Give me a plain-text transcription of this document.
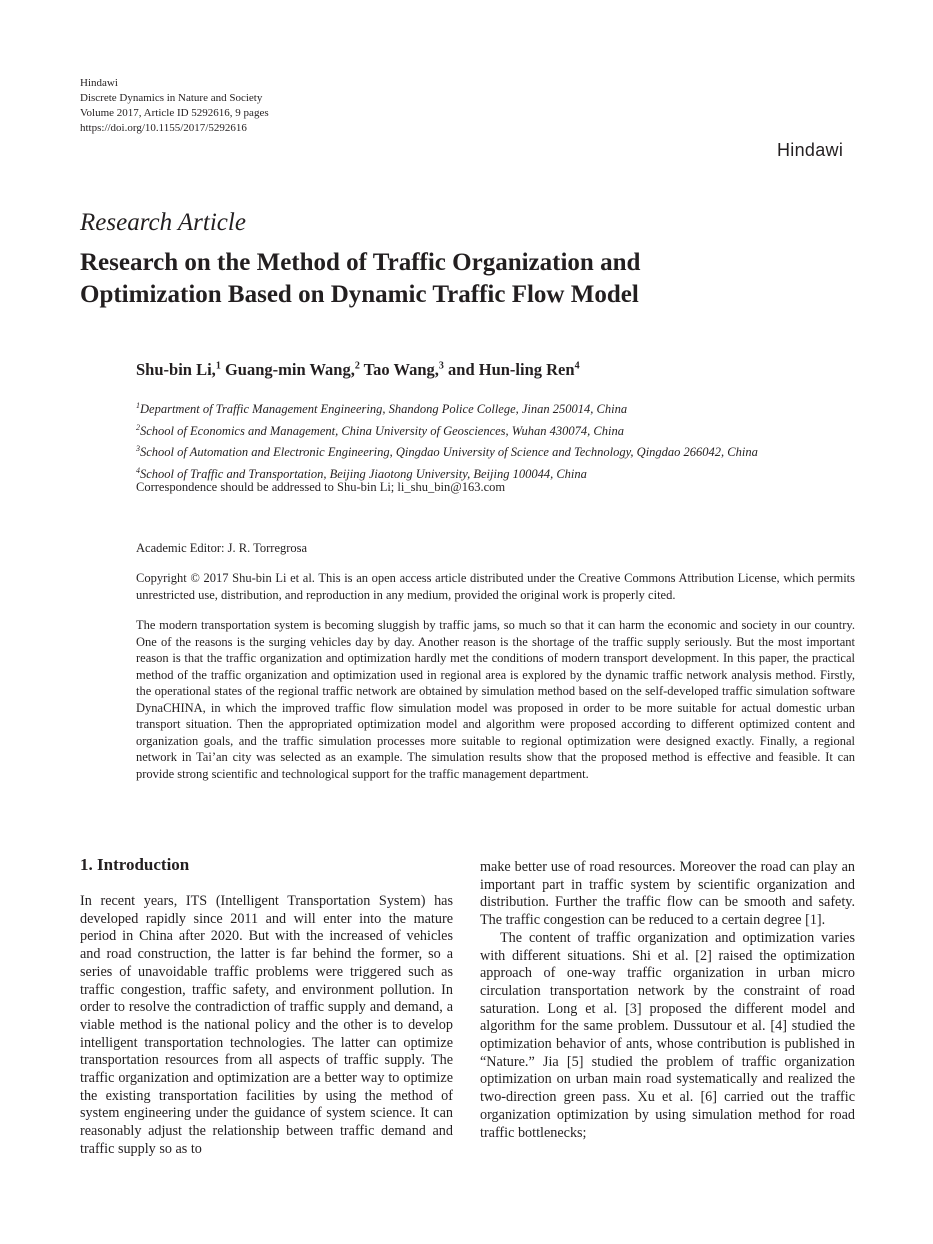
Hindawi
Discrete Dynamics in Nature and Society
Volume 2017, Article ID 5292616, 9 pages
https://doi.org/10.1155/2017/5292616
Hindawi
Research Article
Research on the Method of Traffic Organization and
Optimization Based on Dynamic Traffic Flow Model
Shu-bin Li,$^1$ Guang-min Wang,$^2$ Tao Wang,$^3$ and Hun-ling Ren$^4$
$^1$Department of Traffic Management Engineering, Shandong Police College, Jinan 250014, China
$^2$School of Economics and Management, China University of Geosciences, Wuhan 430074, China
$^3$School of Automation and Electronic Engineering, Qingdao University of Science and Technology, Qingdao 266042, China
$^4$School of Traffic and Transportation, Beijing Jiaotong University, Beijing 100044, China
Correspondence should be addressed to Shu-bin Li; li_shu_bin@163.com
Academic Editor: J. R. Torregrosa
Copyright © 2017 Shu-bin Li et al. This is an open access article distributed under the Creative Commons Attribution License, which permits unrestricted use, distribution, and reproduction in any medium, provided the original work is properly cited.
The modern transportation system is becoming sluggish by traffic jams, so much so that it can harm the economic and society in our country. One of the reasons is the surging vehicles day by day. Another reason is the shortage of the traffic supply seriously. But the most important reason is that the traffic organization and optimization hardly met the conditions of modern transport development. In this paper, the practical method of the traffic organization and optimization used in regional area is explored by the dynamic traffic network analysis method. Firstly, the operational states of the regional traffic network are obtained by simulation method based on the self-developed traffic simulation software DynaCHINA, in which the improved traffic flow simulation model was proposed in order to be more suitable for actual domestic urban transport situation. Then the appropriated optimization model and algorithm were proposed according to different optimized content and organization goals, and the traffic simulation processes more suitable to regional optimization were designed exactly. Finally, a regional network in Tai’an city was selected as an example. The simulation results show that the proposed method is effective and feasible. It can provide strong scientific and technological support for the traffic management department.
1. Introduction

In recent years, ITS (Intelligent Transportation System) has developed rapidly since 2011 and will enter into the mature period in China after 2020. But with the increased of vehicles and road construction, the latter is far behind the former, so a series of unavoidable traffic problems were triggered such as traffic congestion, traffic safety, and environment pollution. In order to resolve the contradiction of traffic supply and demand, a viable method is the national policy and the other is to develop intelligent transportation technologies. The latter can optimize transportation resources from all aspects of traffic supply. The traffic organization and optimization are a better way to optimize the existing transportation facilities by using the method of system engineering under the guidance of system science. It can reasonably adjust the relationship between traffic demand and traffic supply so as to

make better use of road resources. Moreover the road can play an important part in traffic system by scientific organization and distribution. Further the traffic flow can be smooth and safety. The traffic congestion can be reduced to a certain degree [1].

The content of traffic organization and optimization varies with different situations. Shi et al. [2] raised the optimization approach of one-way traffic organization in urban micro circulation transportation network by the constraint of road saturation. Long et al. [3] proposed the different model and algorithm for the same problem. Dussutour et al. [4] studied the optimization behavior of ants, whose contribution is published in “Nature.” Jia [5] studied the problem of traffic organization optimization on urban main road systematically and realized the two-direction green pass. Xu et al. [6] carried out the traffic organization optimization by using simulation method for road traffic bottlenecks;
